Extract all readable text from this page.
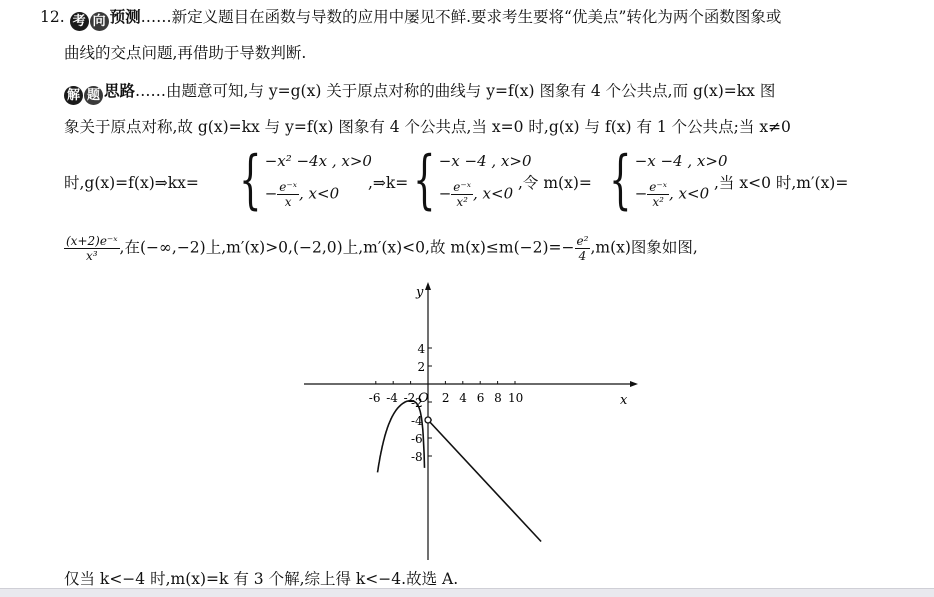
12. 考 向 预测……新定义题目在函数与导数的应用中屡见不鲜.要求考生要将“优美点”转化为两个函数图象或
曲线的交点问题,再借助于导数判断.
解 题 思路……由题意可知,与 y=g(x) 关于原点对称的曲线与 y=f(x) 图象有 4 个公共点,而 g(x)=kx 图
象关于原点对称,故 g(x)=kx 与 y=f(x) 图象有 4 个公共点,当 x=0 时,g(x) 与 f(x) 有 1 个公共点;当 x≠0
时,g(x)=f(x)⇒kx= { −x² −4x , x>0
− $\frac{\text{e⁻ˣ}}{x}$ , x<0
,⇒k= { −x −4 , x>0
− $\frac{\text{e⁻ˣ}}{\text{x²}}$ , x<0
,令 m(x)= { −x −4 , x>0
− $\frac{\text{e⁻ˣ}}{\text{x²}}$ , x<0
,当 x<0 时,m′(x)=
$\frac{\text{(x+2)e⁻ˣ}}{\text{x³}}$ ,在(−∞,−2)上,m′(x)>0,(−2,0)上,m′(x)<0,故 $m(x)\le m(-2)=- \frac{\text{e²}}{4} ,m(x)$图象如图,
x
y
O
-6 -4 -2 2 4 6 8 10
4
2
-2
-4
-6
-8
仅当 k<−4 时,m(x)=k 有 3 个解,综上得 k<−4.故选 A.
